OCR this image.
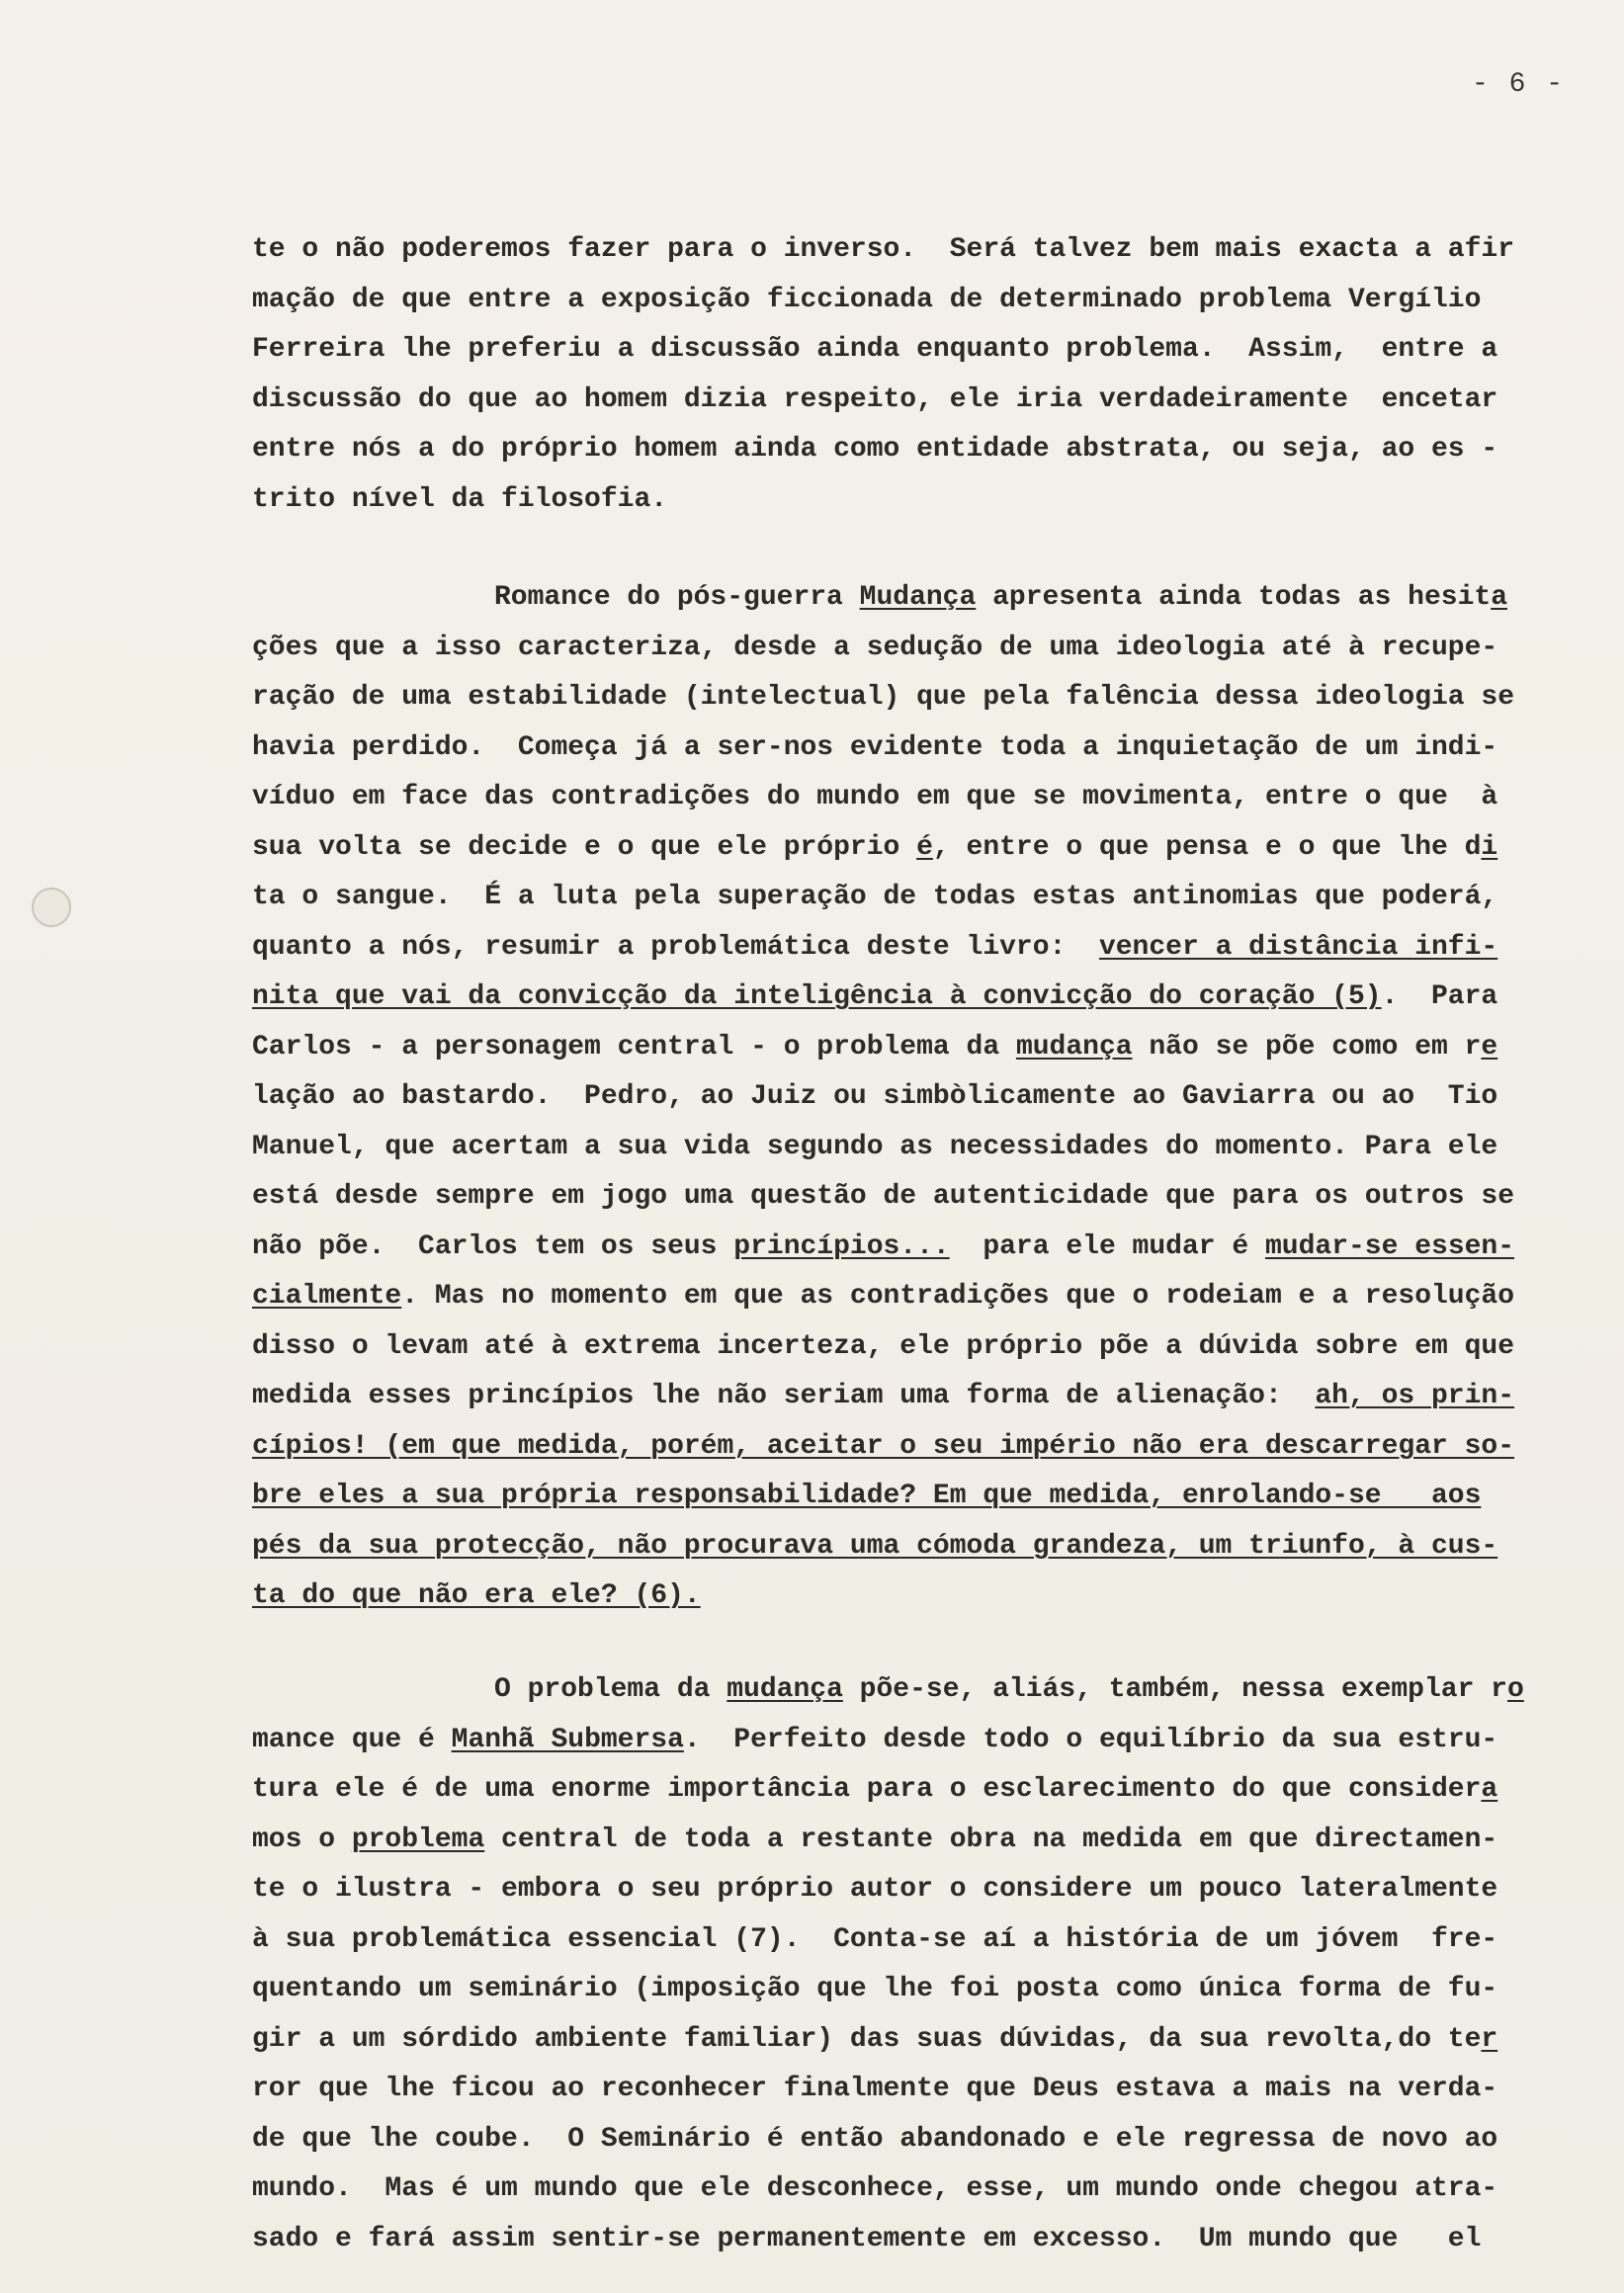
- 6 -
te o não poderemos fazer para o inverso.  Será talvez bem mais exacta a afir
mação de que entre a exposição ficcionada de determinado problema Vergílio
Ferreira lhe preferiu a discussão ainda enquanto problema.  Assim,  entre a
discussão do que ao homem dizia respeito, ele iria verdadeiramente  encetar
entre nós a do próprio homem ainda como entidade abstrata, ou seja, ao es -
trito nível da filosofia.
Romance do pós-guerra Mudança apresenta ainda todas as hesita
ções que a isso caracteriza, desde a sedução de uma ideologia até à recupe-
ração de uma estabilidade (intelectual) que pela falência dessa ideologia se
havia perdido.  Começa já a ser-nos evidente toda a inquietação de um indi-
víduo em face das contradições do mundo em que se movimenta, entre o que  à
sua volta se decide e o que ele próprio é, entre o que pensa e o que lhe di
ta o sangue.  É a luta pela superação de todas estas antinomias que poderá,
quanto a nós, resumir a problemática deste livro:  vencer a distância infi-
nita que vai da convicção da inteligência à convicção do coração (5).  Para
Carlos - a personagem central - o problema da mudança não se põe como em re
lação ao bastardo.  Pedro, ao Juiz ou simbòlicamente ao Gaviarra ou ao  Tio
Manuel, que acertam a sua vida segundo as necessidades do momento. Para ele
está desde sempre em jogo uma questão de autenticidade que para os outros se
não põe.  Carlos tem os seus princípios...  para ele mudar é mudar-se essen-
cialmente. Mas no momento em que as contradições que o rodeiam e a resolução
disso o levam até à extrema incerteza, ele próprio põe a dúvida sobre em que
medida esses princípios lhe não seriam uma forma de alienação:  ah, os prin-
cípios! (em que medida, porém, aceitar o seu império não era descarregar so-
bre eles a sua própria responsabilidade? Em que medida, enrolando-se   aos
pés da sua protecção, não procurava uma cómoda grandeza, um triunfo, à cus-
ta do que não era ele? (6).
O problema da mudança põe-se, aliás, também, nessa exemplar ro
mance que é Manhã Submersa.  Perfeito desde todo o equilíbrio da sua estru-
tura ele é de uma enorme importância para o esclarecimento do que considera
mos o problema central de toda a restante obra na medida em que directamen-
te o ilustra - embora o seu próprio autor o considere um pouco lateralmente
à sua problemática essencial (7).  Conta-se aí a história de um jóvem  fre-
quentando um seminário (imposição que lhe foi posta como única forma de fu-
gir a um sórdido ambiente familiar) das suas dúvidas, da sua revolta,do ter
ror que lhe ficou ao reconhecer finalmente que Deus estava a mais na verda-
de que lhe coube.  O Seminário é então abandonado e ele regressa de novo ao
mundo.  Mas é um mundo que ele desconhece, esse, um mundo onde chegou atra-
sado e fará assim sentir-se permanentemente em excesso.  Um mundo que   el
